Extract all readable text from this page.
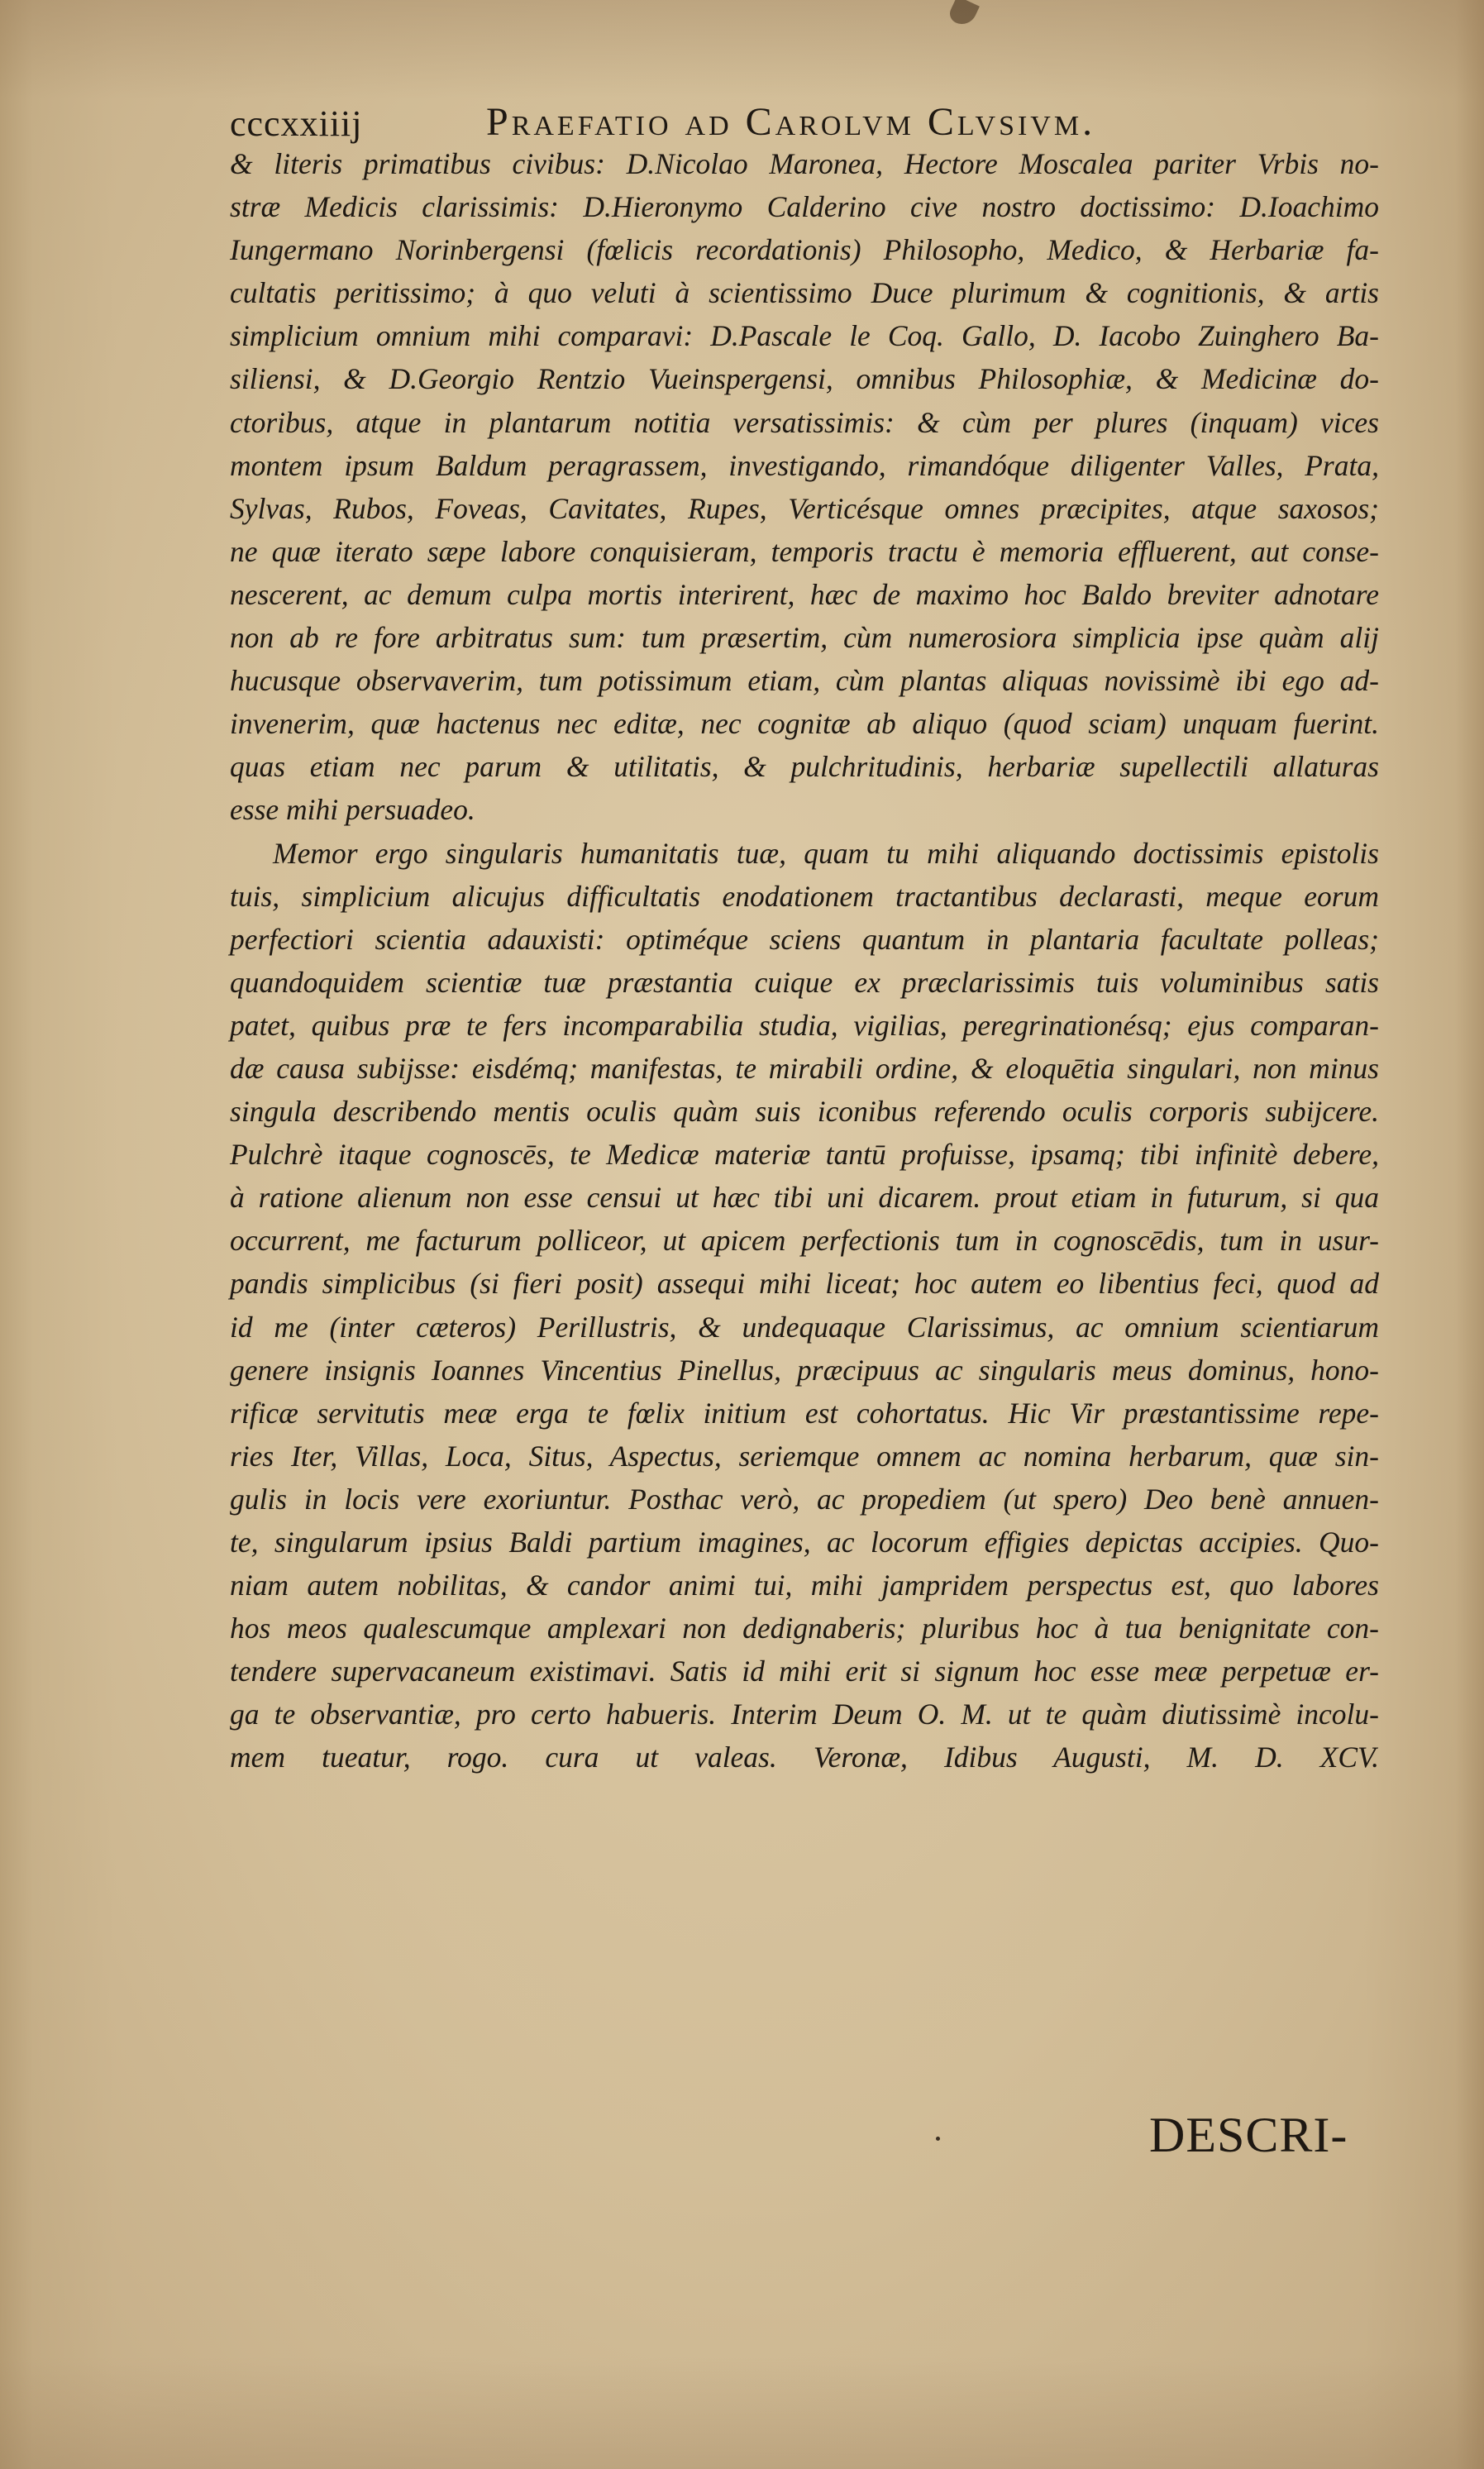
cccxxiiij	Praefatio ad Carolvm Clvsivm.
& literis primatibus civibus: D.Nicolao Maronea, Hectore Moscalea pariter Vrbis no-
stræ Medicis clarissimis: D.Hieronymo Calderino cive nostro doctissimo: D.Ioachimo
Iungermano Norinbergensi (fœlicis recordationis) Philosopho, Medico, & Herbariæ fa-
cultatis peritissimo; à quo veluti à scientissimo Duce plurimum & cognitionis, & artis
simplicium omnium mihi comparavi: D.Pascale le Coq. Gallo, D. Iacobo Zuinghero Ba-
siliensi, & D.Georgio Rentzio Vueinspergensi, omnibus Philosophiæ, & Medicinæ do-
ctoribus, atque in plantarum notitia versatissimis: & cùm per plures (inquam) vices
montem ipsum Baldum peragrassem, investigando, rimandóque diligenter Valles, Prata,
Sylvas, Rubos, Foveas, Cavitates, Rupes, Verticésque omnes præcipites, atque saxosos;
ne quæ iterato sæpe labore conquisieram, temporis tractu è memoria effluerent, aut conse-
nescerent, ac demum culpa mortis interirent, hæc de maximo hoc Baldo breviter adnotare
non ab re fore arbitratus sum: tum præsertim, cùm numerosiora simplicia ipse quàm alij
hucusque observaverim, tum potissimum etiam, cùm plantas aliquas novissimè ibi ego ad-
invenerim, quæ hactenus nec editæ, nec cognitæ ab aliquo (quod sciam) unquam fuerint.
quas etiam nec parum & utilitatis, & pulchritudinis, herbariæ supellectili allaturas
esse mihi persuadeo.
Memor ergo singularis humanitatis tuæ, quam tu mihi aliquando doctissimis epistolis
tuis, simplicium alicujus difficultatis enodationem tractantibus declarasti, meque eorum
perfectiori scientia adauxisti: optiméque sciens quantum in plantaria facultate polleas;
quandoquidem scientiæ tuæ præstantia cuique ex præclarissimis tuis voluminibus satis
patet, quibus præ te fers incomparabilia studia, vigilias, peregrinationésq; ejus comparan-
dæ causa subijsse: eisdémq; manifestas, te mirabili ordine, & eloquētia singulari, non minus
singula describendo mentis oculis quàm suis iconibus referendo oculis corporis subijcere.
Pulchrè itaque cognoscēs, te Medicæ materiæ tantū profuisse, ipsamq; tibi infinitè debere,
à ratione alienum non esse censui ut hæc tibi uni dicarem. prout etiam in futurum, si qua
occurrent, me facturum polliceor, ut apicem perfectionis tum in cognoscēdis, tum in usur-
pandis simplicibus (si fieri posit) assequi mihi liceat; hoc autem eo libentius feci, quod ad
id me (inter cæteros) Perillustris, & undequaque Clarissimus, ac omnium scientiarum
genere insignis Ioannes Vincentius Pinellus, præcipuus ac singularis meus dominus, hono-
rificæ servitutis meæ erga te fœlix initium est cohortatus. Hic Vir præstantissime repe-
ries Iter, Villas, Loca, Situs, Aspectus, seriemque omnem ac nomina herbarum, quæ sin-
gulis in locis vere exoriuntur. Posthac verò, ac propediem (ut spero) Deo benè annuen-
te, singularum ipsius Baldi partium imagines, ac locorum effigies depictas accipies. Quo-
niam autem nobilitas, & candor animi tui, mihi jampridem perspectus est, quo labores
hos meos qualescumque amplexari non dedignaberis; pluribus hoc à tua benignitate con-
tendere supervacaneum existimavi. Satis id mihi erit si signum hoc esse meæ perpetuæ er-
ga te observantiæ, pro certo habueris. Interim Deum O. M. ut te quàm diutissimè incolu-
mem tueatur, rogo. cura ut valeas. Veronæ, Idibus Augusti, M. D. XCV.
DESCRI-
